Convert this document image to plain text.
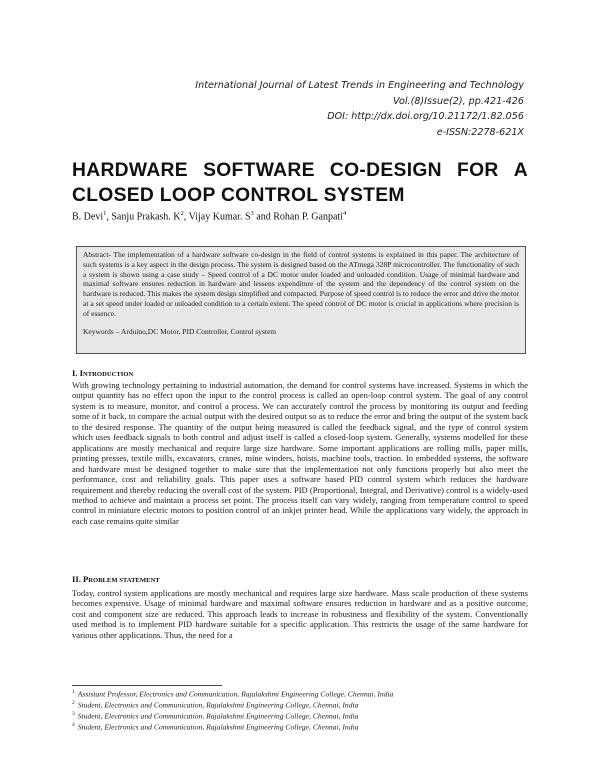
International Journal of Latest Trends in Engineering and Technology
Vol.(8)Issue(2), pp.421-426
DOI: http://dx.doi.org/10.21172/1.82.056
e-ISSN:2278-621X
HARDWARE SOFTWARE CO-DESIGN FOR A
CLOSED LOOP CONTROL SYSTEM
B. Devi$^1$, Sanju Prakash. $K^2$, Vijay Kumar. $S^3$ and Rohan P. Ganpati$^4$

Abstract- The implementation of a hardware software co-design in the field of control systems is explained in this paper. The architecture of such systems is a key aspect in the design process. The system is designed based on the ATmega 328P microcontroller. The functionality of such a system is shown using a case study – Speed control of a DC motor under loaded and unloaded condition. Usage of minimal hardware and maximal software ensures reduction in hardware and lessens expenditure of the system and the dependency of the control system on the hardware is reduced. This makes the system design simplified and compacted. Purpose of speed control is to reduce the error and drive the motor at a set speed under loaded or unloaded condition to a certain extent. The speed control of DC motor is crucial in applications where precision is of essence.

Keywords – Arduino,DC Motor, PID Controller, Control system

I. INTRODUCTION

With growing technology pertaining to industrial automation, the demand for control systems have increased. Systems in which the output quantity has no effect upon the input to the control process is called an open-loop control system. The goal of any control system is to measure, monitor, and control a process. We can accurately control the process by monitoring its output and feeding some of it back, to compare the actual output with the desired output so as to reduce the error and bring the output of the system back to the desired response. The quantity of the output being measured is called the feedback signal, and the type of control system which uses feedback signals to both control and adjust itself is called a closed-loop system. Generally, systems modelled for these applications are mostly mechanical and require large size hardware. Some important applications are rolling mills, paper mills, printing presses, textile mills, excavators, cranes, mine winders, hoists, machine tools, traction. In embedded systems, the software and hardware must be designed together to make sure that the implementation not only functions properly but also meet the performance, cost and reliability goals. This paper uses a software based PID control system which reduces the hardware requirement and thereby reducing the overall cost of the system. PID (Proportional, Integral, and Derivative) control is a widely-used method to achieve and maintain a process set point. The process itself can vary widely, ranging from temperature control to speed control in miniature electric motors to position control of an inkjet printer head. While the applications vary widely, the approach in each case remains quite similar

II. PROBLEM STATEMENT

Today, control system applications are mostly mechanical and requires large size hardware. Mass scale production of these systems becomes expensive. Usage of minimal hardware and maximal software ensures reduction in hardware and as a positive outcome, cost and component size are reduced. This approach leads to increase in robustness and flexibility of the system. Conventionally used method is to implement PID hardware suitable for a specific application. This restricts the usage of the same hardware for various other applications. Thus, the need for a

$^1$ Assistant Professor, Electronics and Communication, Rajalakshmi Engineering College, Chennai, India
$^2$ Student, Electronics and Communication, Rajalakshmi Engineering College, Chennai, India
$^3$ Student, Electronics and Communication, Rajalakshmi Engineering College, Chennai, India
$^4$ Student, Electronics and Communication, Rajalakshmi Engineering College, Chennai, India
